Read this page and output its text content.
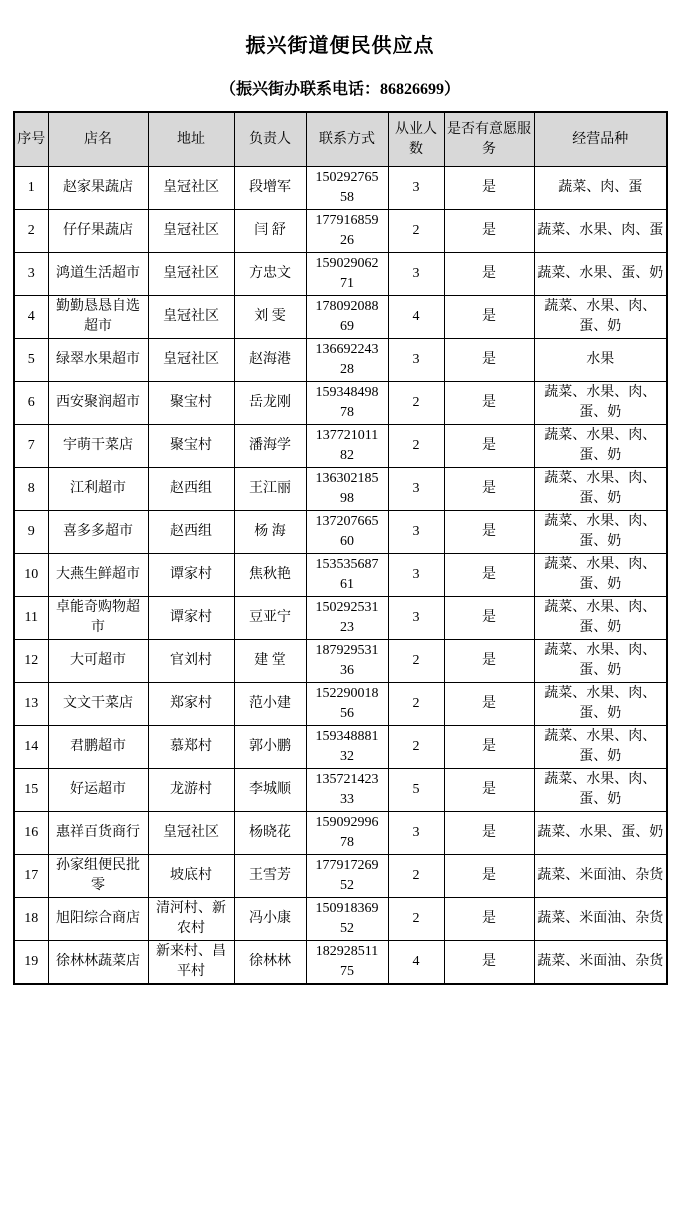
振兴街道便民供应点
（振兴街办联系电话：86826699）
序号	店名	地址	负责人	联系方式	从业人数	是否有意愿服务	经营品种
1	赵家果蔬店	皇冠社区	段增军	15029276558	3	是	蔬菜、肉、蛋
2	仔仔果蔬店	皇冠社区	闫 舒	17791685926	2	是	蔬菜、水果、肉、蛋
3	鸿道生活超市	皇冠社区	方忠文	15902906271	3	是	蔬菜、水果、蛋、奶
4	勤勤恳恳自选超市	皇冠社区	刘 雯	17809208869	4	是	蔬菜、水果、肉、蛋、奶
5	绿翠水果超市	皇冠社区	赵海港	13669224328	3	是	水果
6	西安聚润超市	聚宝村	岳龙刚	15934849878	2	是	蔬菜、水果、肉、蛋、奶
7	宇萌干菜店	聚宝村	潘海学	13772101182	2	是	蔬菜、水果、肉、蛋、奶
8	江利超市	赵西组	王江丽	13630218598	3	是	蔬菜、水果、肉、蛋、奶
9	喜多多超市	赵西组	杨 海	13720766560	3	是	蔬菜、水果、肉、蛋、奶
10	大燕生鲜超市	谭家村	焦秋艳	15353568761	3	是	蔬菜、水果、肉、蛋、奶
11	卓能奇购物超市	谭家村	豆亚宁	15029253123	3	是	蔬菜、水果、肉、蛋、奶
12	大可超市	官刘村	建 堂	18792953136	2	是	蔬菜、水果、肉、蛋、奶
13	文文干菜店	郑家村	范小建	15229001856	2	是	蔬菜、水果、肉、蛋、奶
14	君鹏超市	慕郑村	郭小鹏	15934888132	2	是	蔬菜、水果、肉、蛋、奶
15	好运超市	龙游村	李城顺	13572142333	5	是	蔬菜、水果、肉、蛋、奶
16	惠祥百货商行	皇冠社区	杨晓花	15909299678	3	是	蔬菜、水果、蛋、奶
17	孙家组便民批零	坡底村	王雪芳	17791726952	2	是	蔬菜、米面油、杂货
18	旭阳综合商店	清河村、新农村	冯小康	15091836952	2	是	蔬菜、米面油、杂货
19	徐林林蔬菜店	新来村、昌平村	徐林林	18292851175	4	是	蔬菜、米面油、杂货
